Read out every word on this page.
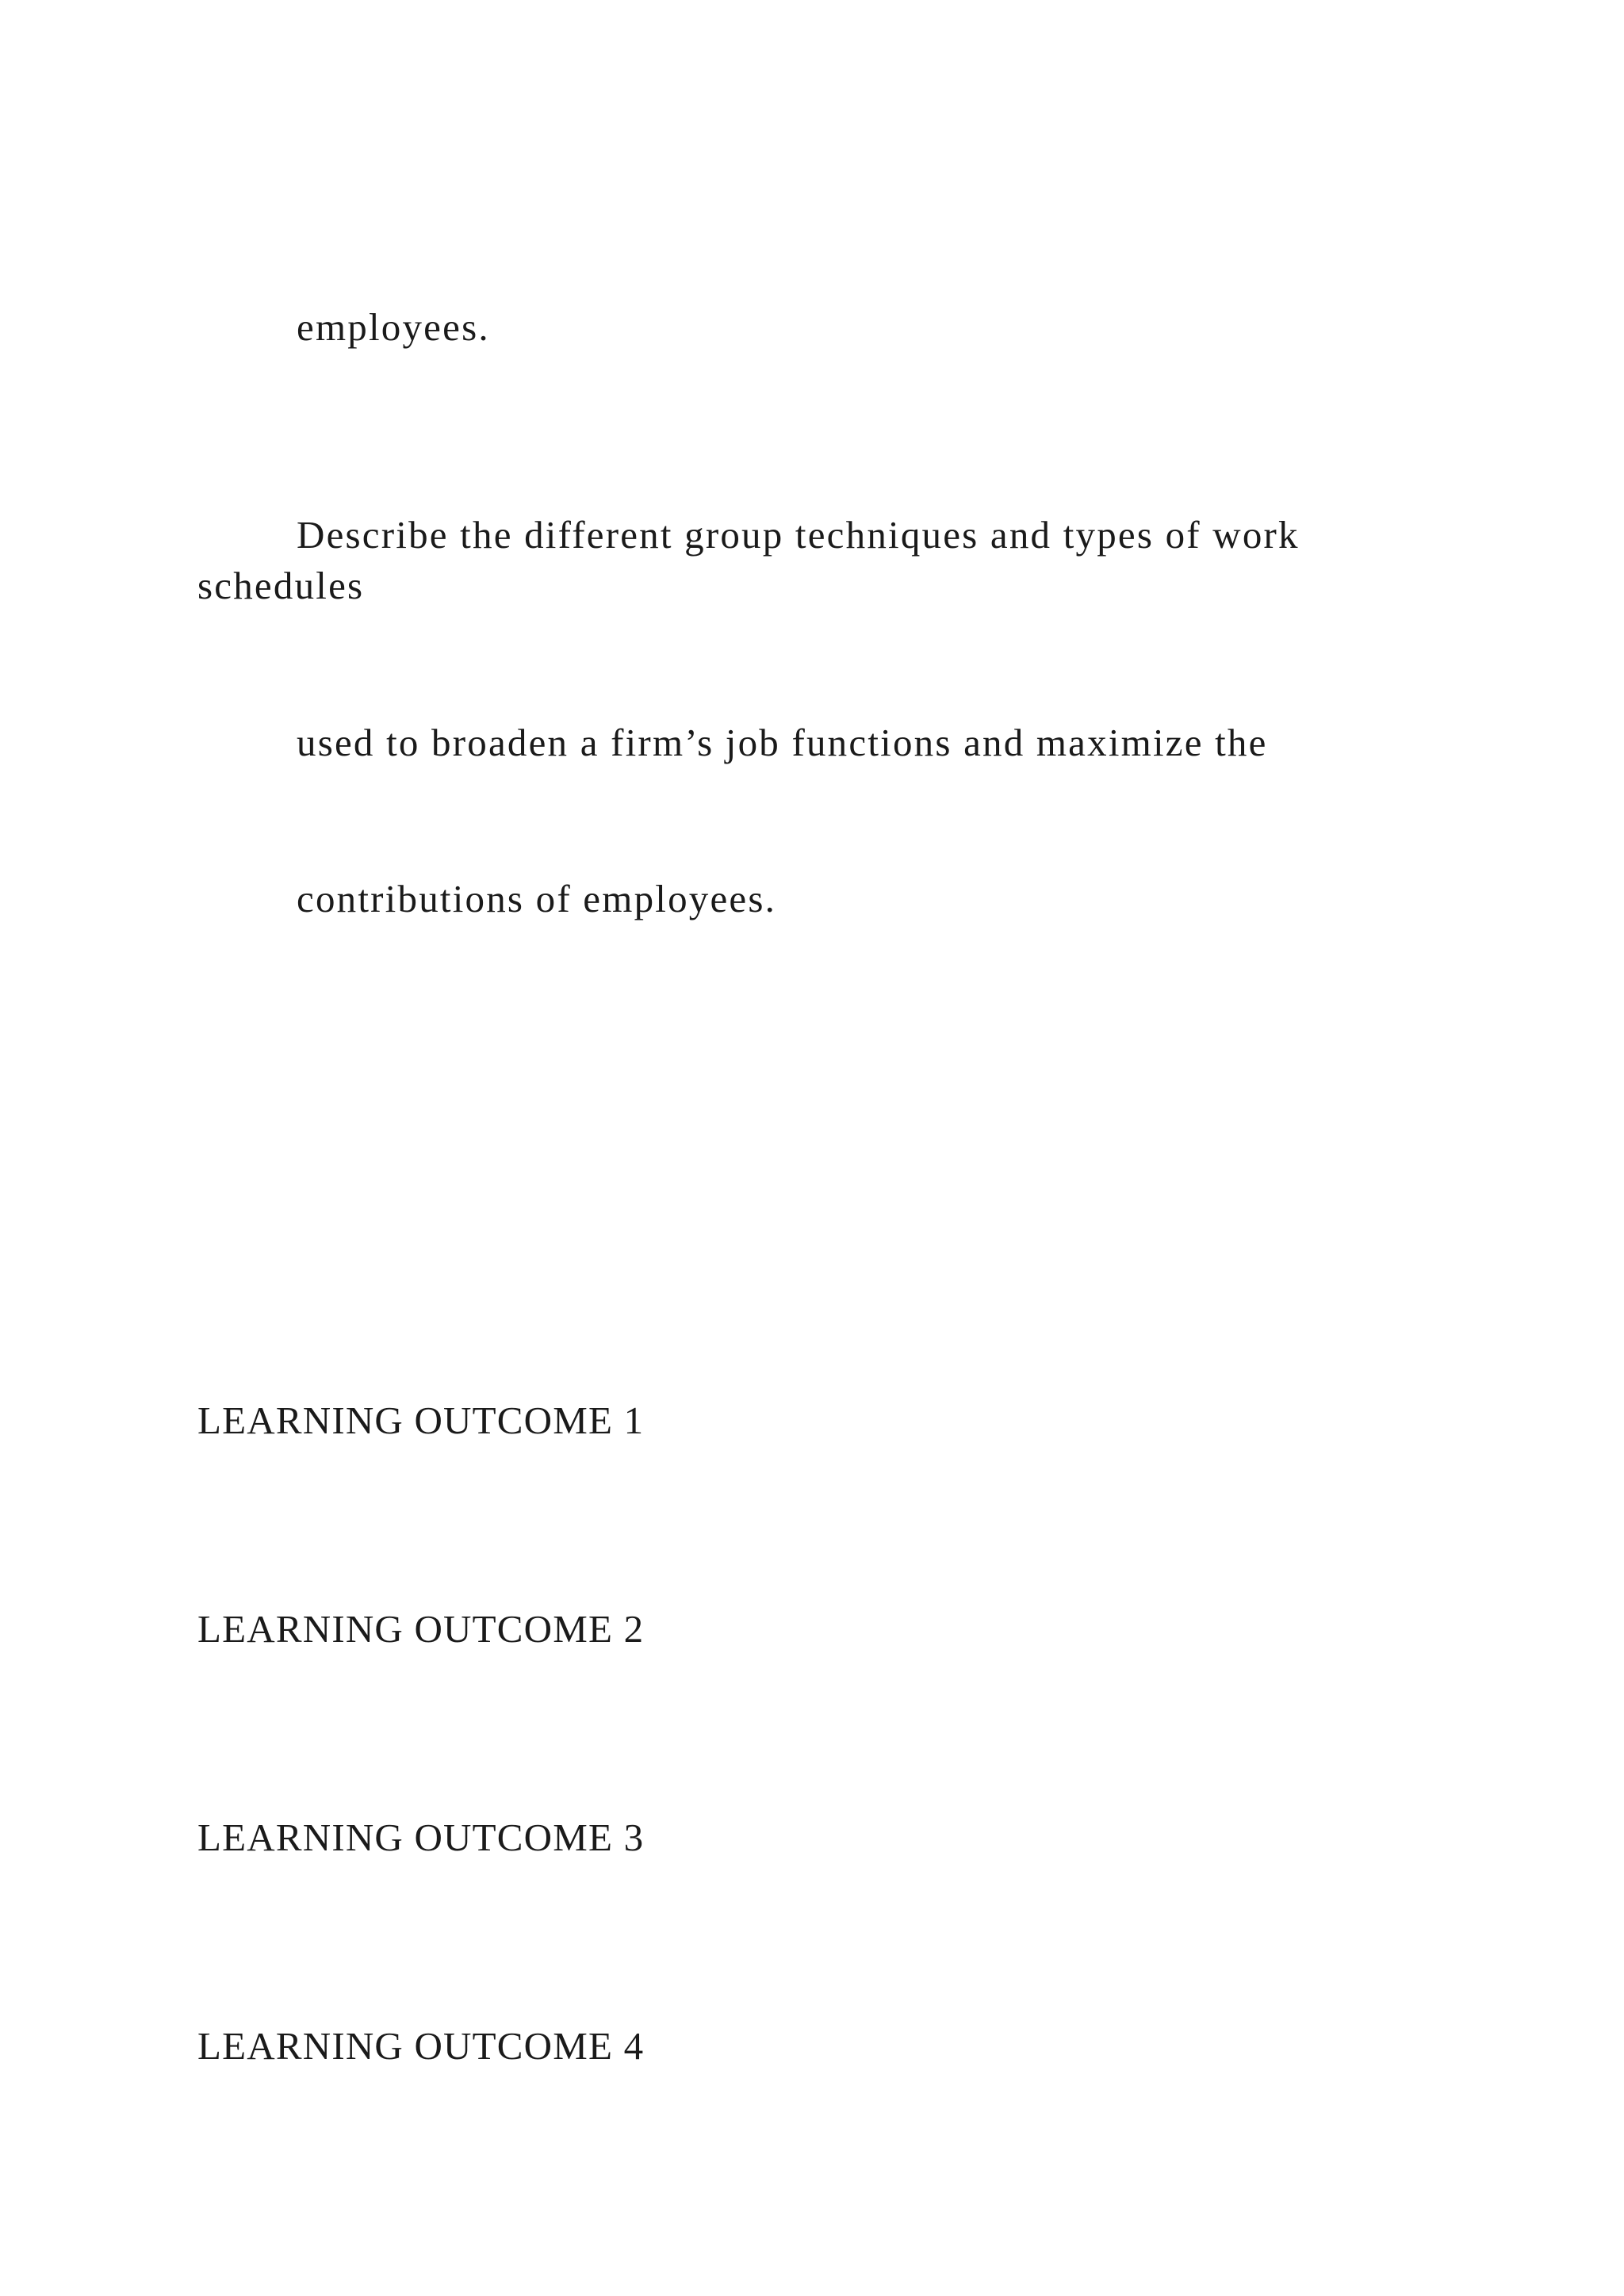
employees.

Describe the different group techniques and types of work

schedules

used to broaden a firm’s job functions and maximize the

contributions of employees.

LEARNING OUTCOME 1

LEARNING OUTCOME 2

LEARNING OUTCOME 3

LEARNING OUTCOME 4
